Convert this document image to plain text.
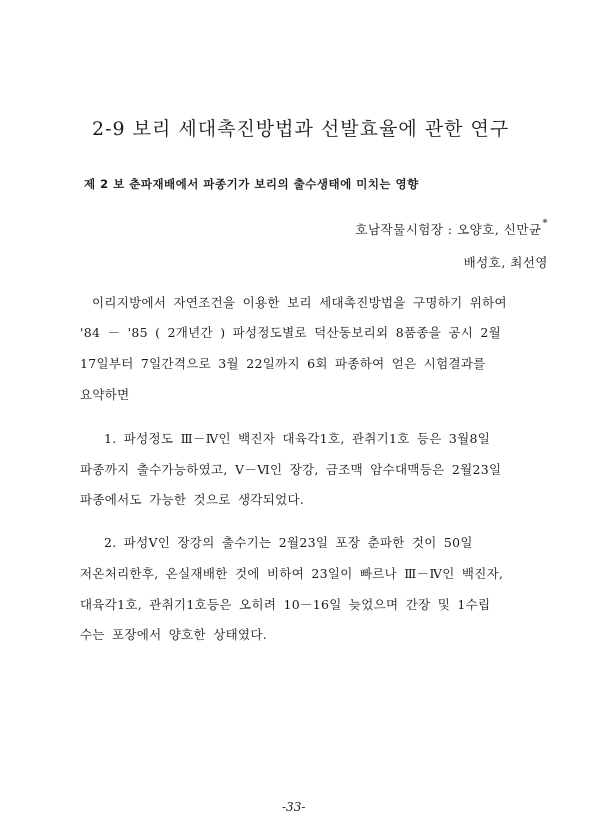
2-9 보리 세대촉진방법과 선발효율에 관한 연구
제 2 보 춘파재배에서 파종기가 보리의 출수생태에 미치는 영향
호남작물시험장 : 오양호, 신만균*
배성호, 최선영
이리지방에서 자연조건을 이용한 보리 세대촉진방법을 구명하기 위하여
'84 － '85 ( 2개년간 ) 파성정도별로 덕산동보리외 8품종을 공시 2월
17일부터 7일간격으로 3월 22일까지 6회 파종하여 얻은 시험결과를
요약하면
1. 파성정도 Ⅲ－Ⅳ인 백진자 대육각1호, 관취기1호 등은 3월8일
파종까지 출수가능하였고, Ⅴ－Ⅵ인 장강, 금조맥 암수대맥등은 2월23일
파종에서도 가능한 것으로 생각되었다.
2. 파성Ⅴ인 장강의 출수기는 2월23일 포장 춘파한 것이 50일
저온처리한후, 온실재배한 것에 비하여 23일이 빠르나 Ⅲ－Ⅳ인 백진자,
대육각1호, 관취기1호등은 오히려 10－16일 늦었으며 간장 및 1수립
수는 포장에서 양호한 상태였다.
-33-
